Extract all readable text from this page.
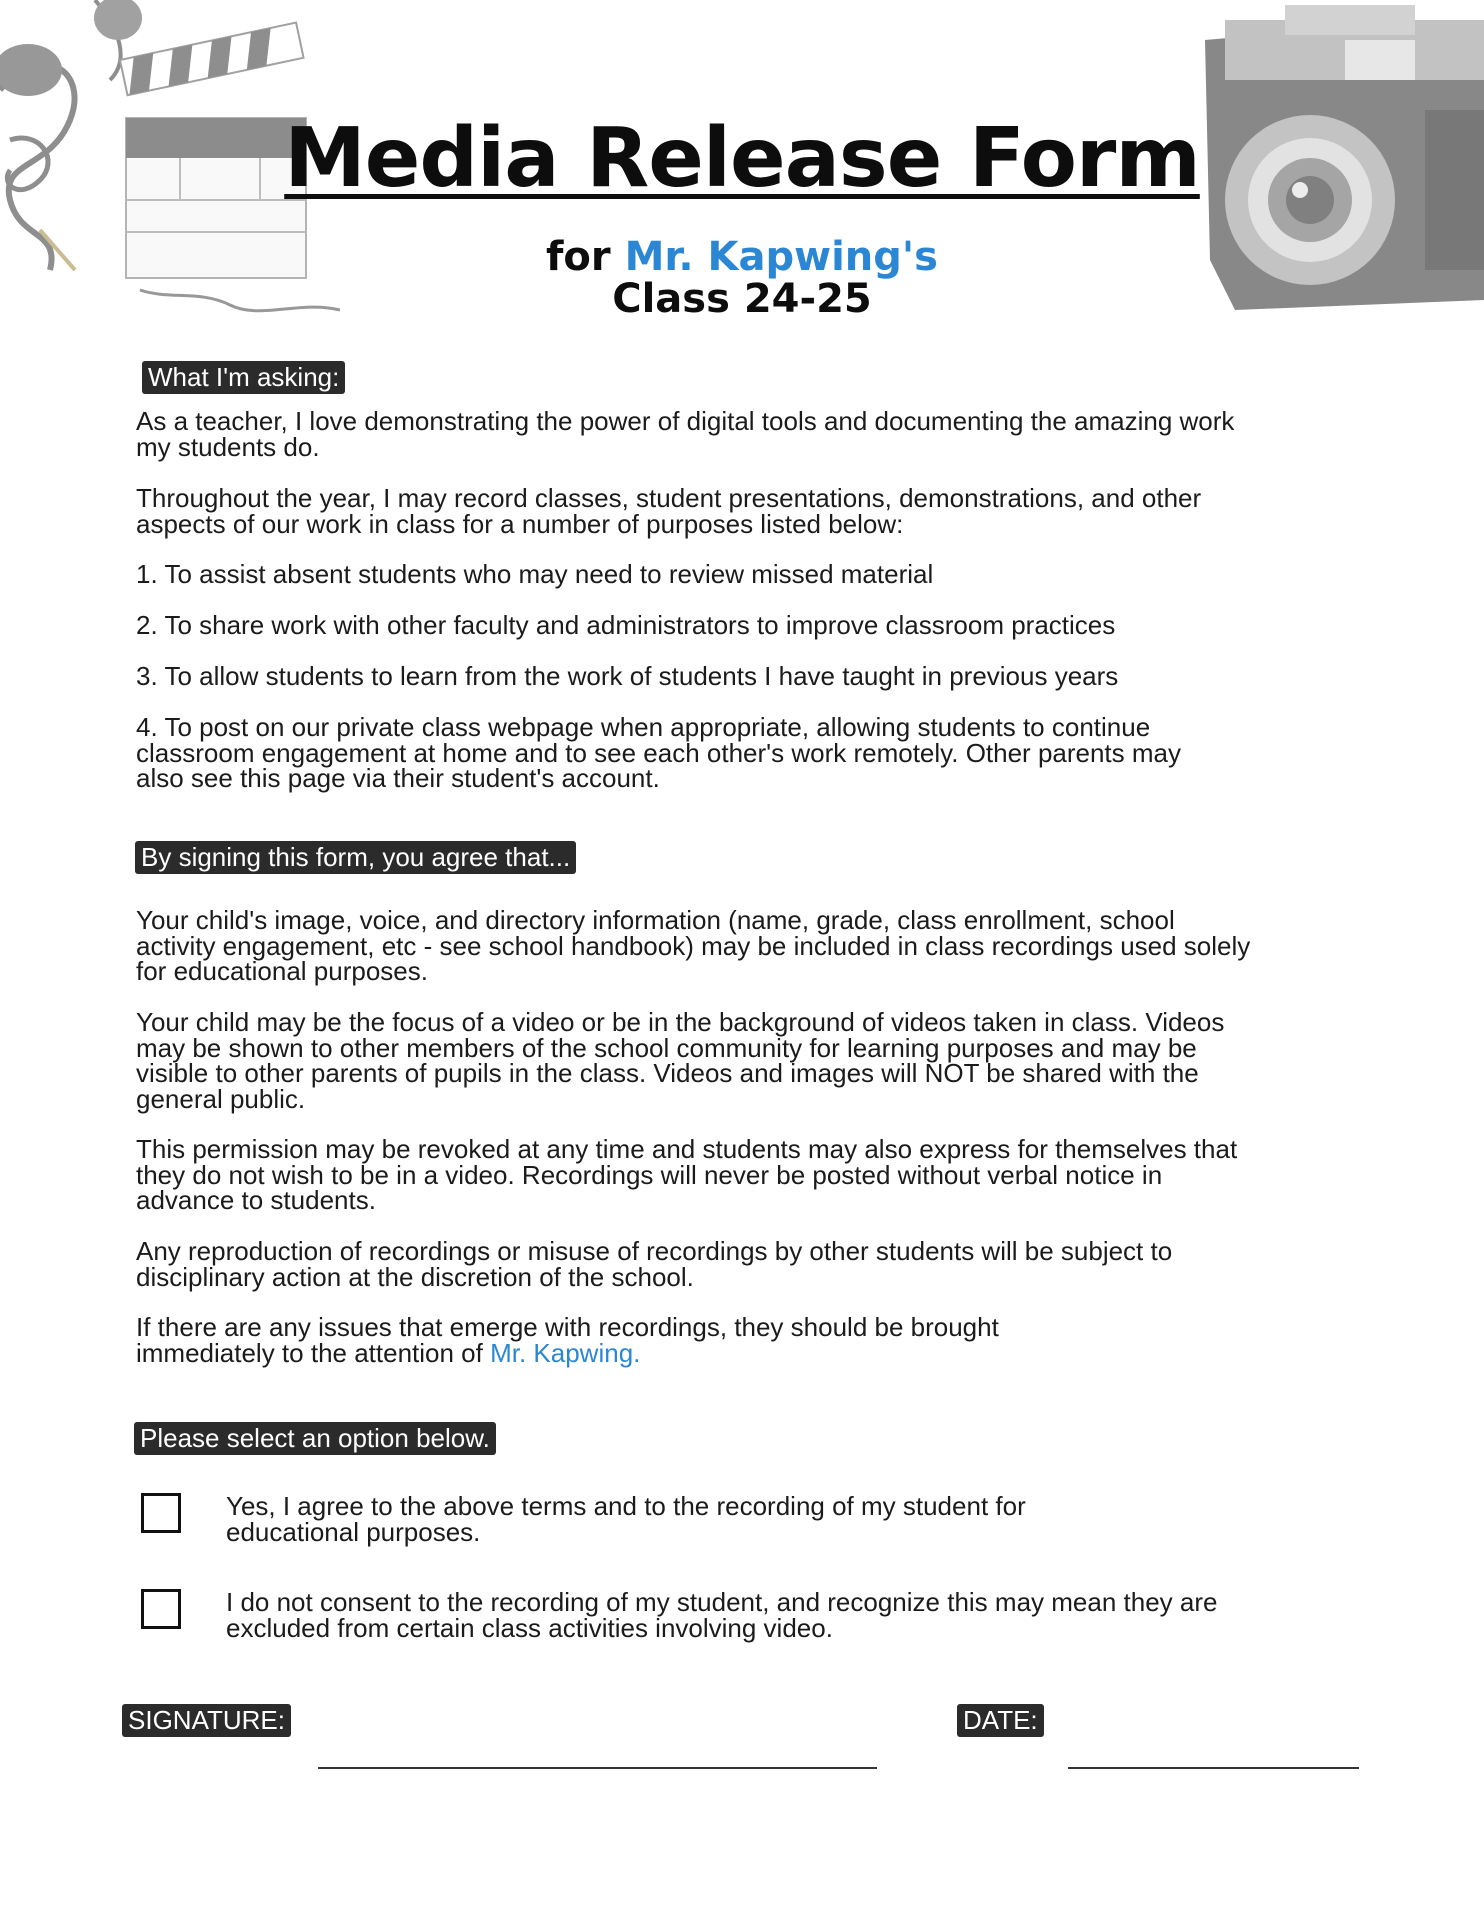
Media Release Form
for Mr. Kapwing's
Class 24-25
What I'm asking:
As a teacher, I love demonstrating the power of digital tools and documenting the amazing work my students do.
Throughout the year, I may record classes, student presentations, demonstrations, and other aspects of our work in class for a number of purposes listed below:
1. To assist absent students who may need to review missed material
2. To share work with other faculty and administrators to improve classroom practices
3. To allow students to learn from the work of students I have taught in previous years
4. To post on our private class webpage when appropriate, allowing students to continue classroom engagement at home and to see each other's work remotely. Other parents may also see this page via their student's account.
By signing this form, you agree that...
Your child's image, voice, and directory information (name, grade, class enrollment, school activity engagement, etc - see school handbook) may be included in class recordings used solely for educational purposes.
Your child may be the focus of a video or be in the background of videos taken in class. Videos may be shown to other members of the school community for learning purposes and may be visible to other parents of pupils in the class. Videos and images will NOT be shared with the general public.
This permission may be revoked at any time and students may also express for themselves that they do not wish to be in a video. Recordings will never be posted without verbal notice in advance to students.
Any reproduction of recordings or misuse of recordings by other students will be subject to disciplinary action at the discretion of the school.
If there are any issues that emerge with recordings, they should be brought immediately to the attention of Mr. Kapwing.
Please select an option below.
Yes, I agree to the above terms and to the recording of my student for educational purposes.
I do not consent to the recording of my student, and recognize this may mean they are excluded from certain class activities involving video.
SIGNATURE:	DATE:
